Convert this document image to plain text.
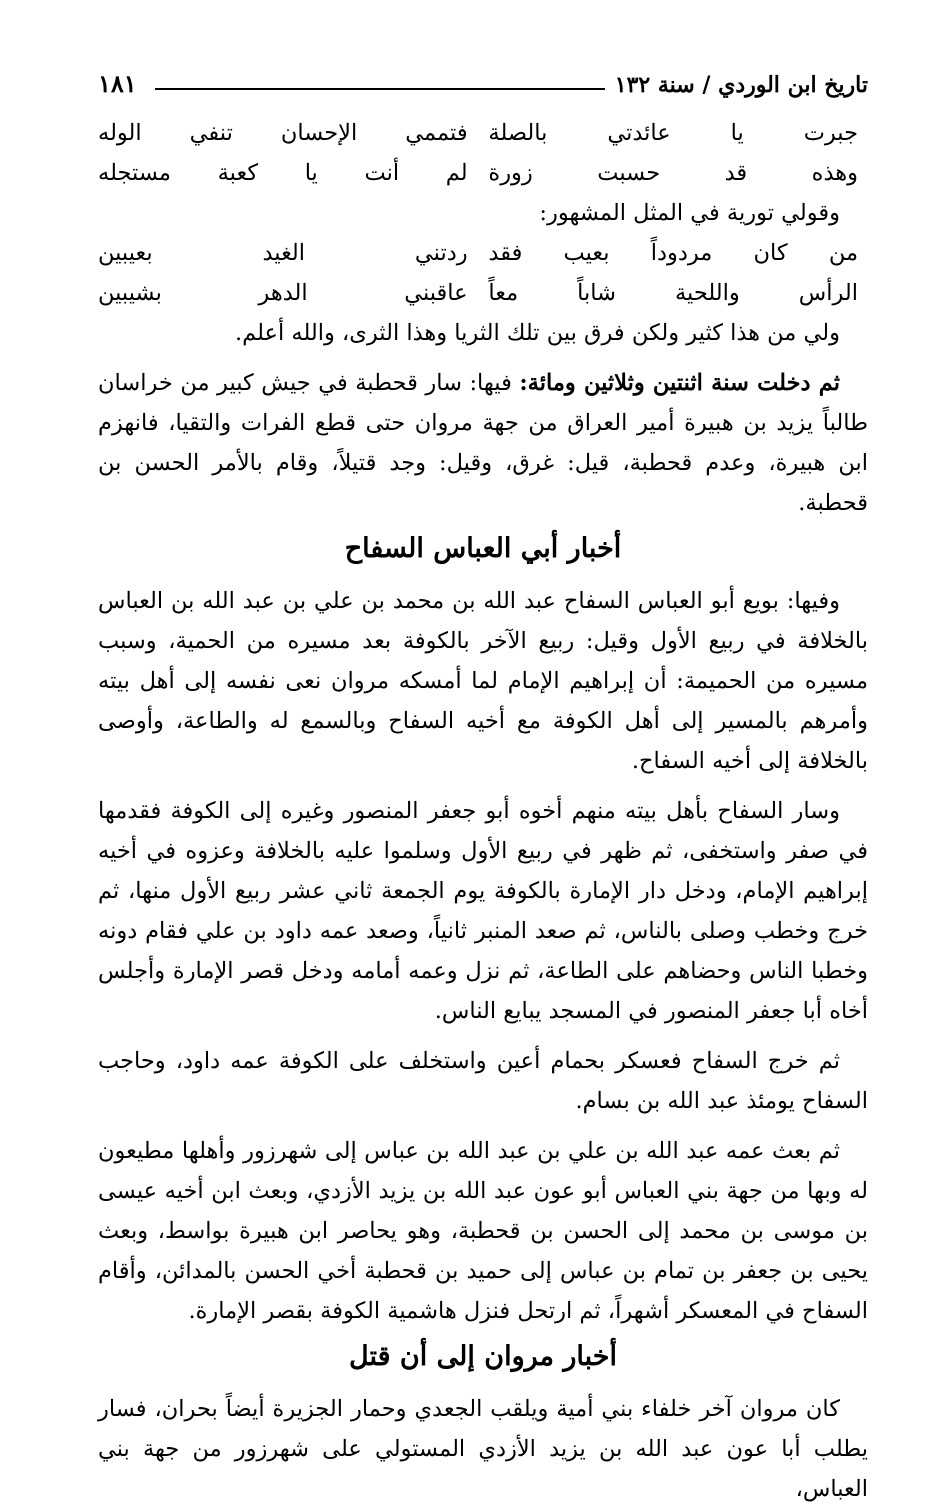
تاريخ ابن الوردي / سنة ١٣٢
١٨١
جبرت يا عائدتي بالصلة
فتممي الإحسان تنفي الوله
وهذه قد حسبت زورة
لم أنت يا كعبة مستجله

وقولي تورية في المثل المشهور:

من كان مردوداً بعيب فقد
ردتني الغيد بعيبين
الرأس واللحية شاباً معاً
عاقبني الدهر بشيبين

ولي من هذا كثير ولكن فرق بين تلك الثريا وهذا الثرى، والله أعلم.

ثم دخلت سنة اثنتين وثلاثين ومائة: فيها: سار قحطبة في جيش كبير من خراسان طالباً يزيد بن هبيرة أمير العراق من جهة مروان حتى قطع الفرات والتقيا، فانهزم ابن هبيرة، وعدم قحطبة، قيل: غرق، وقيل: وجد قتيلاً، وقام بالأمر الحسن بن قحطبة.

أخبار أبي العباس السفاح

وفيها: بويع أبو العباس السفاح عبد الله بن محمد بن علي بن عبد الله بن العباس بالخلافة في ربيع الأول وقيل: ربيع الآخر بالكوفة بعد مسيره من الحمية، وسبب مسيره من الحميمة: أن إبراهيم الإمام لما أمسكه مروان نعى نفسه إلى أهل بيته وأمرهم بالمسير إلى أهل الكوفة مع أخيه السفاح وبالسمع له والطاعة، وأوصى بالخلافة إلى أخيه السفاح.

وسار السفاح بأهل بيته منهم أخوه أبو جعفر المنصور وغيره إلى الكوفة فقدمها في صفر واستخفى، ثم ظهر في ربيع الأول وسلموا عليه بالخلافة وعزوه في أخيه إبراهيم الإمام، ودخل دار الإمارة بالكوفة يوم الجمعة ثاني عشر ربيع الأول منها، ثم خرج وخطب وصلى بالناس، ثم صعد المنبر ثانياً، وصعد عمه داود بن علي فقام دونه وخطبا الناس وحضاهم على الطاعة، ثم نزل وعمه أمامه ودخل قصر الإمارة وأجلس أخاه أبا جعفر المنصور في المسجد يبايع الناس.

ثم خرج السفاح فعسكر بحمام أعين واستخلف على الكوفة عمه داود، وحاجب السفاح يومئذ عبد الله بن بسام.

ثم بعث عمه عبد الله بن علي بن عبد الله بن عباس إلى شهرزور وأهلها مطيعون له وبها من جهة بني العباس أبو عون عبد الله بن يزيد الأزدي، وبعث ابن أخيه عيسى بن موسى بن محمد إلى الحسن بن قحطبة، وهو يحاصر ابن هبيرة بواسط، وبعث يحيى بن جعفر بن تمام بن عباس إلى حميد بن قحطبة أخي الحسن بالمدائن، وأقام السفاح في المعسكر أشهراً، ثم ارتحل فنزل هاشمية الكوفة بقصر الإمارة.

أخبار مروان إلى أن قتل

كان مروان آخر خلفاء بني أمية ويلقب الجعدي وحمار الجزيرة أيضاً بحران، فسار يطلب أبا عون عبد الله بن يزيد الأزدي المستولي على شهرزور من جهة بني العباس،
